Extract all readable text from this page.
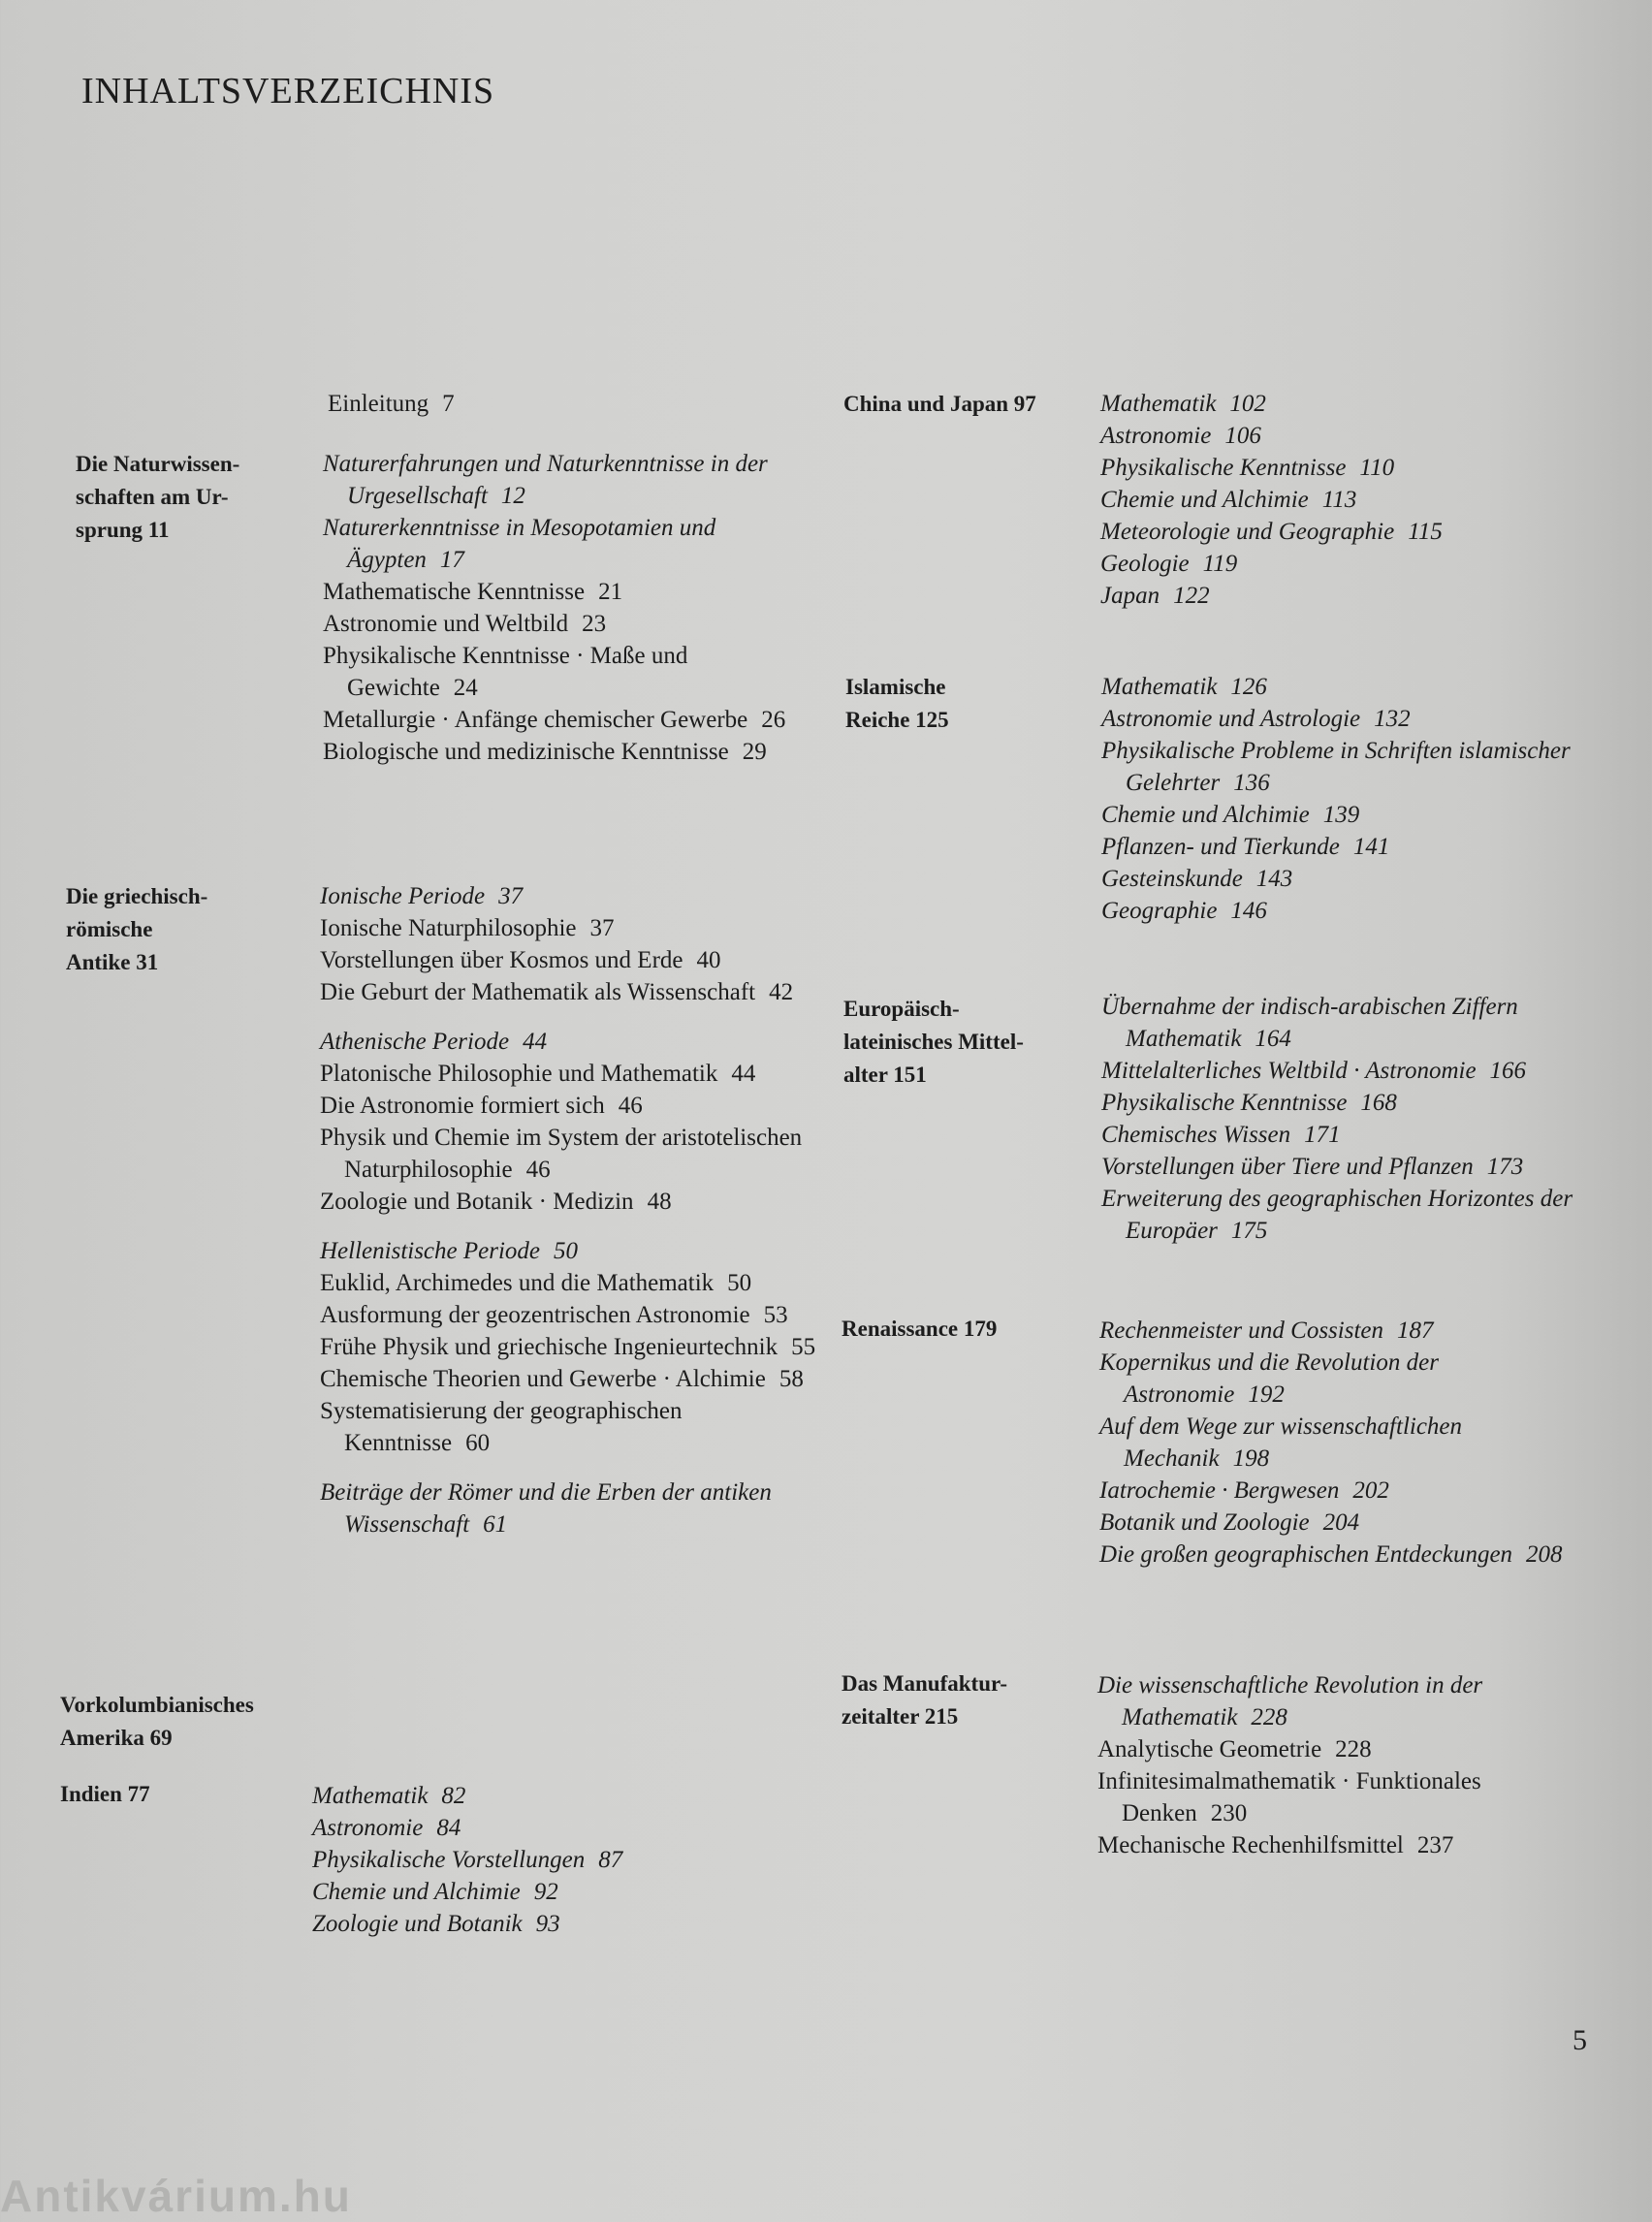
INHALTSVERZEICHNIS

Einleitung 7

Die Naturwissen-
schaften am Ur-
sprung 11

Naturerfahrungen und Naturkenntnisse in der Urgesellschaft 12

Naturerkenntnisse in Mesopotamien und Ägypten 17

Mathematische Kenntnisse 21

Astronomie und Weltbild 23

Physikalische Kenntnisse · Maße und Gewichte 24

Metallurgie · Anfänge chemischer Gewerbe 26

Biologische und medizinische Kenntnisse 29

Die griechisch-
römische
Antike 31

Ionische Periode 37

Ionische Naturphilosophie 37

Vorstellungen über Kosmos und Erde 40

Die Geburt der Mathematik als Wissenschaft 42

Athenische Periode 44

Platonische Philosophie und Mathematik 44

Die Astronomie formiert sich 46

Physik und Chemie im System der aristotelischen Naturphilosophie 46

Zoologie und Botanik · Medizin 48

Hellenistische Periode 50

Euklid, Archimedes und die Mathematik 50

Ausformung der geozentrischen Astronomie 53

Frühe Physik und griechische Ingenieurtechnik 55

Chemische Theorien und Gewerbe · Alchimie 58

Systematisierung der geographischen Kenntnisse 60

Beiträge der Römer und die Erben der antiken Wissenschaft 61

Vorkolumbianisches
Amerika 69
Indien 77	Mathematik 82

Astronomie 84

Physikalische Vorstellungen 87

Chemie und Alchimie 92

Zoologie und Botanik 93

China und Japan 97	Mathematik 102

Astronomie 106

Physikalische Kenntnisse 110

Chemie und Alchimie 113

Meteorologie und Geographie 115

Geologie 119

Japan 122

Islamische
Reiche 125

Mathematik 126

Astronomie und Astrologie 132

Physikalische Probleme in Schriften islamischer Gelehrter 136

Chemie und Alchimie 139

Pflanzen- und Tierkunde 141

Gesteinskunde 143

Geographie 146

Europäisch-
lateinisches Mittel-
alter 151

Übernahme der indisch-arabischen Ziffern Mathematik 164

Mittelalterliches Weltbild · Astronomie 166

Physikalische Kenntnisse 168

Chemisches Wissen 171

Vorstellungen über Tiere und Pflanzen 173

Erweiterung des geographischen Horizontes der Europäer 175

Renaissance 179	Rechenmeister und Cossisten 187

Kopernikus und die Revolution der Astronomie 192

Auf dem Wege zur wissenschaftlichen Mechanik 198

Iatrochemie · Bergwesen 202

Botanik und Zoologie 204

Die großen geographischen Entdeckungen 208

Das Manufaktur-
zeitalter 215

Die wissenschaftliche Revolution in der Mathematik 228

Analytische Geometrie 228

Infinitesimalmathematik · Funktionales Denken 230

Mechanische Rechenhilfsmittel 237

5
Antikvárium.hu
